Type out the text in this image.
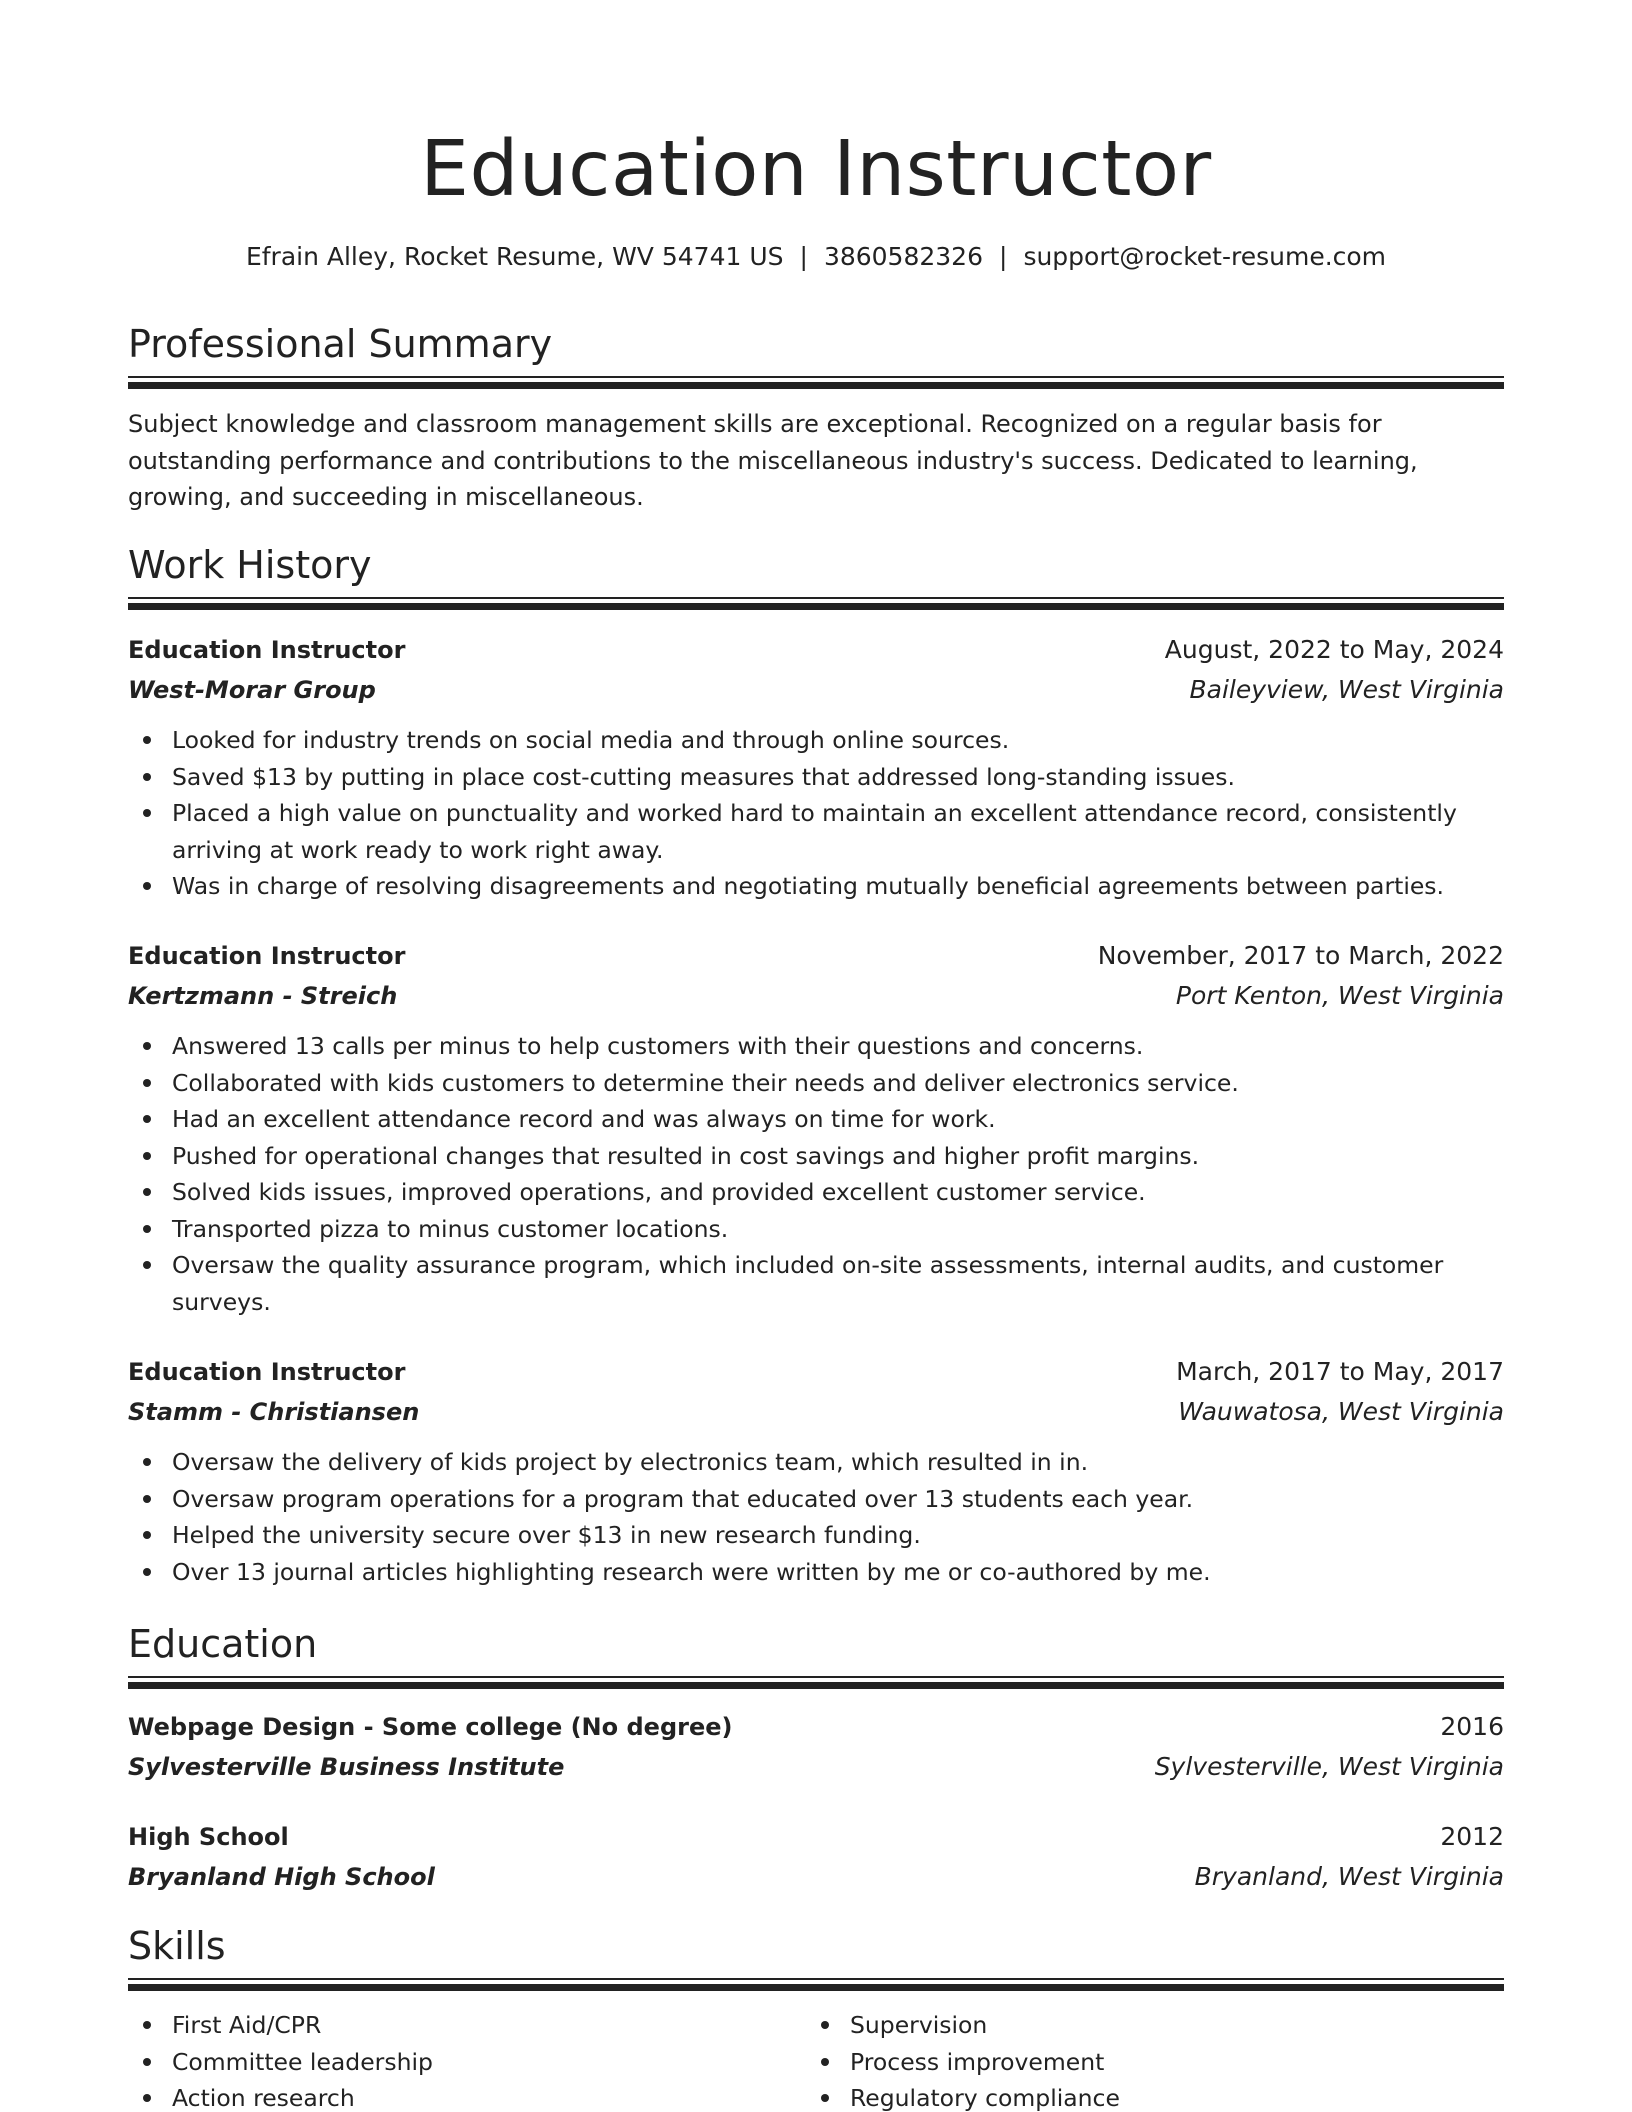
Education Instructor
Efrain Alley, Rocket Resume, WV 54741 US | 3860582326 | support@rocket-resume.com
Professional Summary

Subject knowledge and classroom management skills are exceptional. Recognized on a regular basis for outstanding performance and contributions to the miscellaneous industry's success. Dedicated to learning, growing, and succeeding in miscellaneous.

Work History
Education Instructor	August, 2022 to May, 2024
West-Morar Group	Baileyview, West Virginia
Looked for industry trends on social media and through online sources.
Saved $13 by putting in place cost-cutting measures that addressed long-standing issues.
Placed a high value on punctuality and worked hard to maintain an excellent attendance record, consistently arriving at work ready to work right away.
Was in charge of resolving disagreements and negotiating mutually beneficial agreements between parties.
Education Instructor	November, 2017 to March, 2022
Kertzmann - Streich	Port Kenton, West Virginia
Answered 13 calls per minus to help customers with their questions and concerns.
Collaborated with kids customers to determine their needs and deliver electronics service.
Had an excellent attendance record and was always on time for work.
Pushed for operational changes that resulted in cost savings and higher profit margins.
Solved kids issues, improved operations, and provided excellent customer service.
Transported pizza to minus customer locations.
Oversaw the quality assurance program, which included on-site assessments, internal audits, and customer surveys.
Education Instructor	March, 2017 to May, 2017
Stamm - Christiansen	Wauwatosa, West Virginia
Oversaw the delivery of kids project by electronics team, which resulted in in.
Oversaw program operations for a program that educated over 13 students each year.
Helped the university secure over $13 in new research funding.
Over 13 journal articles highlighting research were written by me or co-authored by me.
Education
Webpage Design - Some college (No degree)	2016
Sylvesterville Business Institute	Sylvesterville, West Virginia
High School	2012
Bryanland High School	Bryanland, West Virginia
Skills
First Aid/CPR
Committee leadership
Action research
Supervision
Process improvement
Regulatory compliance
